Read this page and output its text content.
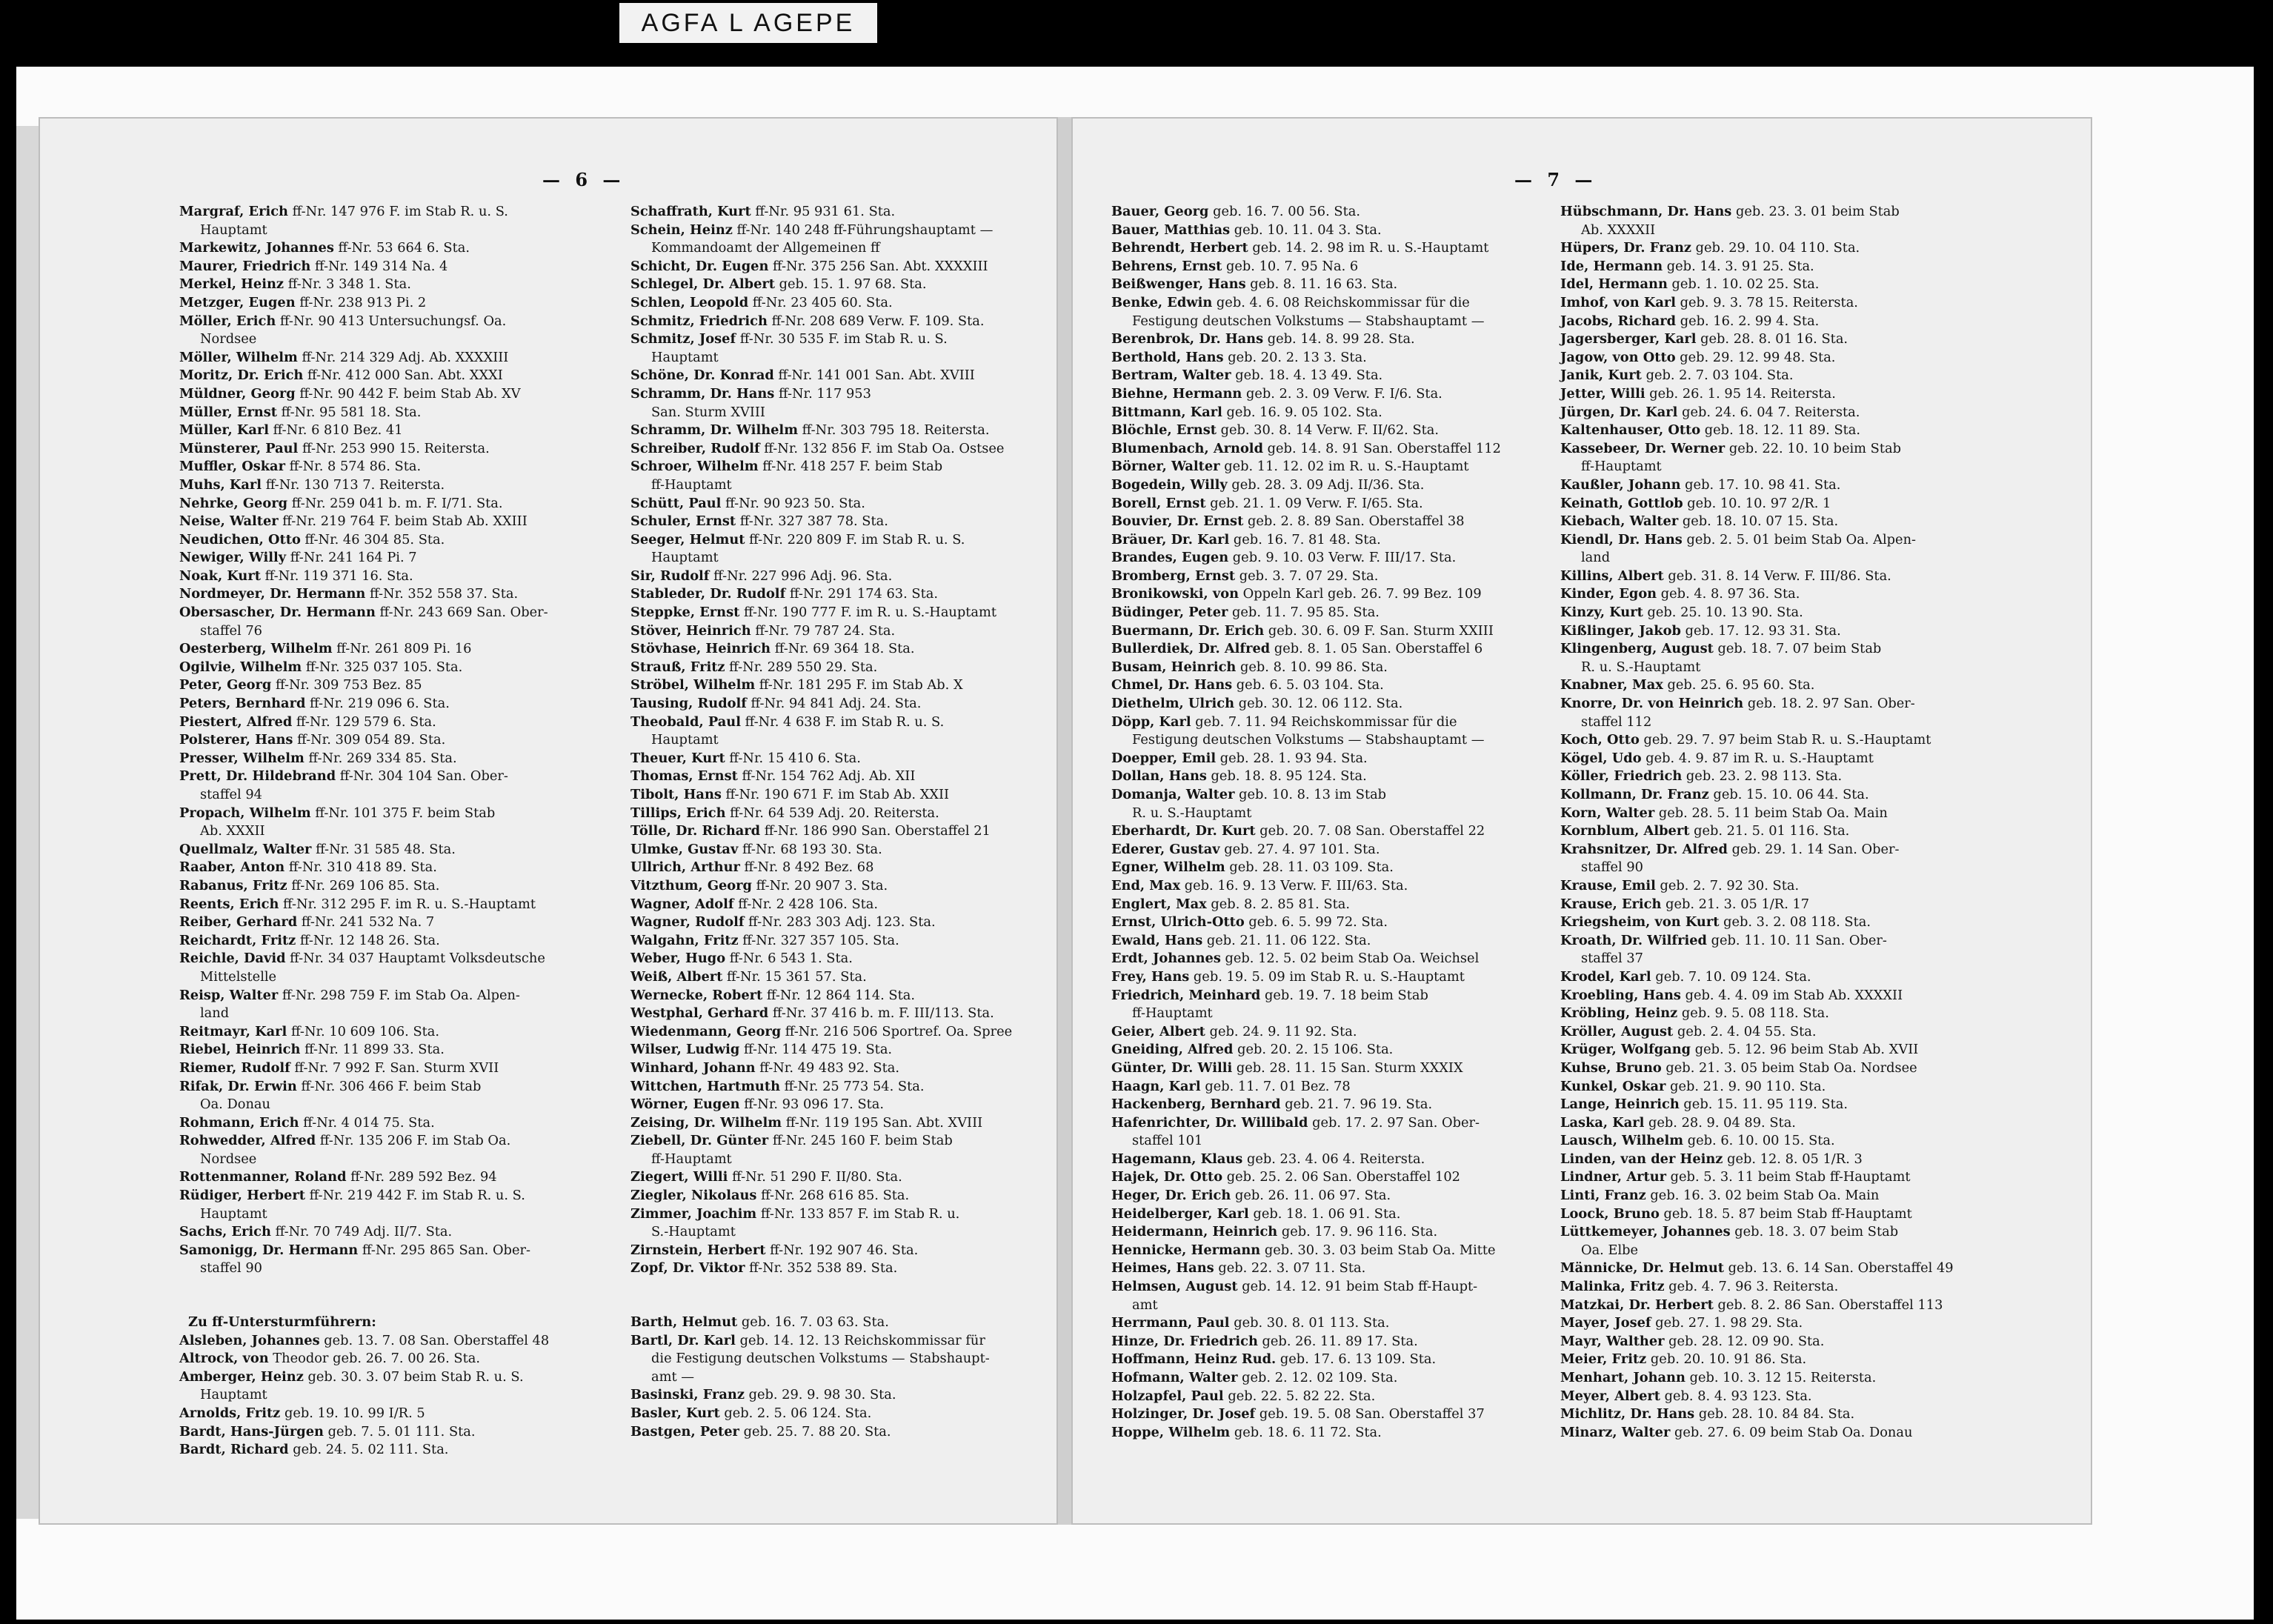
AGFA L AGEPE
— 6 —
Margraf, Erich ff-Nr. 147 976 F. im Stab R. u. S.
Hauptamt
Markewitz, Johannes ff-Nr. 53 664 6. Sta.
Maurer, Friedrich ff-Nr. 149 314 Na. 4
Merkel, Heinz ff-Nr. 3 348 1. Sta.
Metzger, Eugen ff-Nr. 238 913 Pi. 2
Möller, Erich ff-Nr. 90 413 Untersuchungsf. Oa.
Nordsee
Möller, Wilhelm ff-Nr. 214 329 Adj. Ab. XXXXIII
Moritz, Dr. Erich ff-Nr. 412 000 San. Abt. XXXI
Müldner, Georg ff-Nr. 90 442 F. beim Stab Ab. XV
Müller, Ernst ff-Nr. 95 581 18. Sta.
Müller, Karl ff-Nr. 6 810 Bez. 41
Münsterer, Paul ff-Nr. 253 990 15. Reitersta.
Muffler, Oskar ff-Nr. 8 574 86. Sta.
Muhs, Karl ff-Nr. 130 713 7. Reitersta.
Nehrke, Georg ff-Nr. 259 041 b. m. F. I/71. Sta.
Neise, Walter ff-Nr. 219 764 F. beim Stab Ab. XXIII
Neudichen, Otto ff-Nr. 46 304 85. Sta.
Newiger, Willy ff-Nr. 241 164 Pi. 7
Noak, Kurt ff-Nr. 119 371 16. Sta.
Nordmeyer, Dr. Hermann ff-Nr. 352 558 37. Sta.
Obersascher, Dr. Hermann ff-Nr. 243 669 San. Ober-
staffel 76
Oesterberg, Wilhelm ff-Nr. 261 809 Pi. 16
Ogilvie, Wilhelm ff-Nr. 325 037 105. Sta.
Peter, Georg ff-Nr. 309 753 Bez. 85
Peters, Bernhard ff-Nr. 219 096 6. Sta.
Piestert, Alfred ff-Nr. 129 579 6. Sta.
Polsterer, Hans ff-Nr. 309 054 89. Sta.
Presser, Wilhelm ff-Nr. 269 334 85. Sta.
Prett, Dr. Hildebrand ff-Nr. 304 104 San. Ober-
staffel 94
Propach, Wilhelm ff-Nr. 101 375 F. beim Stab
Ab. XXXII
Quellmalz, Walter ff-Nr. 31 585 48. Sta.
Raaber, Anton ff-Nr. 310 418 89. Sta.
Rabanus, Fritz ff-Nr. 269 106 85. Sta.
Reents, Erich ff-Nr. 312 295 F. im R. u. S.-Hauptamt
Reiber, Gerhard ff-Nr. 241 532 Na. 7
Reichardt, Fritz ff-Nr. 12 148 26. Sta.
Reichle, David ff-Nr. 34 037 Hauptamt Volksdeutsche
Mittelstelle
Reisp, Walter ff-Nr. 298 759 F. im Stab Oa. Alpen-
land
Reitmayr, Karl ff-Nr. 10 609 106. Sta.
Riebel, Heinrich ff-Nr. 11 899 33. Sta.
Riemer, Rudolf ff-Nr. 7 992 F. San. Sturm XVII
Rifak, Dr. Erwin ff-Nr. 306 466 F. beim Stab
Oa. Donau
Rohmann, Erich ff-Nr. 4 014 75. Sta.
Rohwedder, Alfred ff-Nr. 135 206 F. im Stab Oa.
Nordsee
Rottenmanner, Roland ff-Nr. 289 592 Bez. 94
Rüdiger, Herbert ff-Nr. 219 442 F. im Stab R. u. S.
Hauptamt
Sachs, Erich ff-Nr. 70 749 Adj. II/7. Sta.
Samonigg, Dr. Hermann ff-Nr. 295 865 San. Ober-
staffel 90
Zu ff-Untersturmführern:
Alsleben, Johannes geb. 13. 7. 08 San. Oberstaffel 48
Altrock, von Theodor geb. 26. 7. 00 26. Sta.
Amberger, Heinz geb. 30. 3. 07 beim Stab R. u. S.
Hauptamt
Arnolds, Fritz geb. 19. 10. 99 I/R. 5
Bardt, Hans-Jürgen geb. 7. 5. 01 111. Sta.
Bardt, Richard geb. 24. 5. 02 111. Sta.
Schaffrath, Kurt ff-Nr. 95 931 61. Sta.
Schein, Heinz ff-Nr. 140 248 ff-Führungshauptamt —
Kommandoamt der Allgemeinen ff
Schicht, Dr. Eugen ff-Nr. 375 256 San. Abt. XXXXIII
Schlegel, Dr. Albert geb. 15. 1. 97 68. Sta.
Schlen, Leopold ff-Nr. 23 405 60. Sta.
Schmitz, Friedrich ff-Nr. 208 689 Verw. F. 109. Sta.
Schmitz, Josef ff-Nr. 30 535 F. im Stab R. u. S.
Hauptamt
Schöne, Dr. Konrad ff-Nr. 141 001 San. Abt. XVIII
Schramm, Dr. Hans ff-Nr. 117 953
San. Sturm XVIII
Schramm, Dr. Wilhelm ff-Nr. 303 795 18. Reitersta.
Schreiber, Rudolf ff-Nr. 132 856 F. im Stab Oa. Ostsee
Schroer, Wilhelm ff-Nr. 418 257 F. beim Stab
ff-Hauptamt
Schütt, Paul ff-Nr. 90 923 50. Sta.
Schuler, Ernst ff-Nr. 327 387 78. Sta.
Seeger, Helmut ff-Nr. 220 809 F. im Stab R. u. S.
Hauptamt
Sir, Rudolf ff-Nr. 227 996 Adj. 96. Sta.
Stableder, Dr. Rudolf ff-Nr. 291 174 63. Sta.
Steppke, Ernst ff-Nr. 190 777 F. im R. u. S.-Hauptamt
Stöver, Heinrich ff-Nr. 79 787 24. Sta.
Stövhase, Heinrich ff-Nr. 69 364 18. Sta.
Strauß, Fritz ff-Nr. 289 550 29. Sta.
Ströbel, Wilhelm ff-Nr. 181 295 F. im Stab Ab. X
Tausing, Rudolf ff-Nr. 94 841 Adj. 24. Sta.
Theobald, Paul ff-Nr. 4 638 F. im Stab R. u. S.
Hauptamt
Theuer, Kurt ff-Nr. 15 410 6. Sta.
Thomas, Ernst ff-Nr. 154 762 Adj. Ab. XII
Tibolt, Hans ff-Nr. 190 671 F. im Stab Ab. XXII
Tillips, Erich ff-Nr. 64 539 Adj. 20. Reitersta.
Tölle, Dr. Richard ff-Nr. 186 990 San. Oberstaffel 21
Ulmke, Gustav ff-Nr. 68 193 30. Sta.
Ullrich, Arthur ff-Nr. 8 492 Bez. 68
Vitzthum, Georg ff-Nr. 20 907 3. Sta.
Wagner, Adolf ff-Nr. 2 428 106. Sta.
Wagner, Rudolf ff-Nr. 283 303 Adj. 123. Sta.
Walgahn, Fritz ff-Nr. 327 357 105. Sta.
Weber, Hugo ff-Nr. 6 543 1. Sta.
Weiß, Albert ff-Nr. 15 361 57. Sta.
Wernecke, Robert ff-Nr. 12 864 114. Sta.
Westphal, Gerhard ff-Nr. 37 416 b. m. F. III/113. Sta.
Wiedenmann, Georg ff-Nr. 216 506 Sportref. Oa. Spree
Wilser, Ludwig ff-Nr. 114 475 19. Sta.
Winhard, Johann ff-Nr. 49 483 92. Sta.
Wittchen, Hartmuth ff-Nr. 25 773 54. Sta.
Wörner, Eugen ff-Nr. 93 096 17. Sta.
Zeising, Dr. Wilhelm ff-Nr. 119 195 San. Abt. XVIII
Ziebell, Dr. Günter ff-Nr. 245 160 F. beim Stab
ff-Hauptamt
Ziegert, Willi ff-Nr. 51 290 F. II/80. Sta.
Ziegler, Nikolaus ff-Nr. 268 616 85. Sta.
Zimmer, Joachim ff-Nr. 133 857 F. im Stab R. u.
S.-Hauptamt
Zirnstein, Herbert ff-Nr. 192 907 46. Sta.
Zopf, Dr. Viktor ff-Nr. 352 538 89. Sta.
Barth, Helmut geb. 16. 7. 03 63. Sta.
Bartl, Dr. Karl geb. 14. 12. 13 Reichskommissar für
die Festigung deutschen Volkstums — Stabshaupt-
amt —
Basinski, Franz geb. 29. 9. 98 30. Sta.
Basler, Kurt geb. 2. 5. 06 124. Sta.
Bastgen, Peter geb. 25. 7. 88 20. Sta.
— 7 —
Bauer, Georg geb. 16. 7. 00 56. Sta.
Bauer, Matthias geb. 10. 11. 04 3. Sta.
Behrendt, Herbert geb. 14. 2. 98 im R. u. S.-Hauptamt
Behrens, Ernst geb. 10. 7. 95 Na. 6
Beißwenger, Hans geb. 8. 11. 16 63. Sta.
Benke, Edwin geb. 4. 6. 08 Reichskommissar für die
Festigung deutschen Volkstums — Stabshauptamt —
Berenbrok, Dr. Hans geb. 14. 8. 99 28. Sta.
Berthold, Hans geb. 20. 2. 13 3. Sta.
Bertram, Walter geb. 18. 4. 13 49. Sta.
Biehne, Hermann geb. 2. 3. 09 Verw. F. I/6. Sta.
Bittmann, Karl geb. 16. 9. 05 102. Sta.
Blöchle, Ernst geb. 30. 8. 14 Verw. F. II/62. Sta.
Blumenbach, Arnold geb. 14. 8. 91 San. Oberstaffel 112
Börner, Walter geb. 11. 12. 02 im R. u. S.-Hauptamt
Bogedein, Willy geb. 28. 3. 09 Adj. II/36. Sta.
Borell, Ernst geb. 21. 1. 09 Verw. F. I/65. Sta.
Bouvier, Dr. Ernst geb. 2. 8. 89 San. Oberstaffel 38
Bräuer, Dr. Karl geb. 16. 7. 81 48. Sta.
Brandes, Eugen geb. 9. 10. 03 Verw. F. III/17. Sta.
Bromberg, Ernst geb. 3. 7. 07 29. Sta.
Bronikowski, von Oppeln Karl geb. 26. 7. 99 Bez. 109
Büdinger, Peter geb. 11. 7. 95 85. Sta.
Buermann, Dr. Erich geb. 30. 6. 09 F. San. Sturm XXIII
Bullerdiek, Dr. Alfred geb. 8. 1. 05 San. Oberstaffel 6
Busam, Heinrich geb. 8. 10. 99 86. Sta.
Chmel, Dr. Hans geb. 6. 5. 03 104. Sta.
Diethelm, Ulrich geb. 30. 12. 06 112. Sta.
Döpp, Karl geb. 7. 11. 94 Reichskommissar für die
Festigung deutschen Volkstums — Stabshauptamt —
Doepper, Emil geb. 28. 1. 93 94. Sta.
Dollan, Hans geb. 18. 8. 95 124. Sta.
Domanja, Walter geb. 10. 8. 13 im Stab
R. u. S.-Hauptamt
Eberhardt, Dr. Kurt geb. 20. 7. 08 San. Oberstaffel 22
Ederer, Gustav geb. 27. 4. 97 101. Sta.
Egner, Wilhelm geb. 28. 11. 03 109. Sta.
End, Max geb. 16. 9. 13 Verw. F. III/63. Sta.
Englert, Max geb. 8. 2. 85 81. Sta.
Ernst, Ulrich-Otto geb. 6. 5. 99 72. Sta.
Ewald, Hans geb. 21. 11. 06 122. Sta.
Erdt, Johannes geb. 12. 5. 02 beim Stab Oa. Weichsel
Frey, Hans geb. 19. 5. 09 im Stab R. u. S.-Hauptamt
Friedrich, Meinhard geb. 19. 7. 18 beim Stab
ff-Hauptamt
Geier, Albert geb. 24. 9. 11 92. Sta.
Gneiding, Alfred geb. 20. 2. 15 106. Sta.
Günter, Dr. Willi geb. 28. 11. 15 San. Sturm XXXIX
Haagn, Karl geb. 11. 7. 01 Bez. 78
Hackenberg, Bernhard geb. 21. 7. 96 19. Sta.
Hafenrichter, Dr. Willibald geb. 17. 2. 97 San. Ober-
staffel 101
Hagemann, Klaus geb. 23. 4. 06 4. Reitersta.
Hajek, Dr. Otto geb. 25. 2. 06 San. Oberstaffel 102
Heger, Dr. Erich geb. 26. 11. 06 97. Sta.
Heidelberger, Karl geb. 18. 1. 06 91. Sta.
Heidermann, Heinrich geb. 17. 9. 96 116. Sta.
Hennicke, Hermann geb. 30. 3. 03 beim Stab Oa. Mitte
Heimes, Hans geb. 22. 3. 07 11. Sta.
Helmsen, August geb. 14. 12. 91 beim Stab ff-Haupt-
amt
Herrmann, Paul geb. 30. 8. 01 113. Sta.
Hinze, Dr. Friedrich geb. 26. 11. 89 17. Sta.
Hoffmann, Heinz Rud. geb. 17. 6. 13 109. Sta.
Hofmann, Walter geb. 2. 12. 02 109. Sta.
Holzapfel, Paul geb. 22. 5. 82 22. Sta.
Holzinger, Dr. Josef geb. 19. 5. 08 San. Oberstaffel 37
Hoppe, Wilhelm geb. 18. 6. 11 72. Sta.
Hübschmann, Dr. Hans geb. 23. 3. 01 beim Stab
Ab. XXXXII
Hüpers, Dr. Franz geb. 29. 10. 04 110. Sta.
Ide, Hermann geb. 14. 3. 91 25. Sta.
Idel, Hermann geb. 1. 10. 02 25. Sta.
Imhof, von Karl geb. 9. 3. 78 15. Reitersta.
Jacobs, Richard geb. 16. 2. 99 4. Sta.
Jagersberger, Karl geb. 28. 8. 01 16. Sta.
Jagow, von Otto geb. 29. 12. 99 48. Sta.
Janik, Kurt geb. 2. 7. 03 104. Sta.
Jetter, Willi geb. 26. 1. 95 14. Reitersta.
Jürgen, Dr. Karl geb. 24. 6. 04 7. Reitersta.
Kaltenhauser, Otto geb. 18. 12. 11 89. Sta.
Kassebeer, Dr. Werner geb. 22. 10. 10 beim Stab
ff-Hauptamt
Kaußler, Johann geb. 17. 10. 98 41. Sta.
Keinath, Gottlob geb. 10. 10. 97 2/R. 1
Kiebach, Walter geb. 18. 10. 07 15. Sta.
Kiendl, Dr. Hans geb. 2. 5. 01 beim Stab Oa. Alpen-
land
Killins, Albert geb. 31. 8. 14 Verw. F. III/86. Sta.
Kinder, Egon geb. 4. 8. 97 36. Sta.
Kinzy, Kurt geb. 25. 10. 13 90. Sta.
Kißlinger, Jakob geb. 17. 12. 93 31. Sta.
Klingenberg, August geb. 18. 7. 07 beim Stab
R. u. S.-Hauptamt
Knabner, Max geb. 25. 6. 95 60. Sta.
Knorre, Dr. von Heinrich geb. 18. 2. 97 San. Ober-
staffel 112
Koch, Otto geb. 29. 7. 97 beim Stab R. u. S.-Hauptamt
Kögel, Udo geb. 4. 9. 87 im R. u. S.-Hauptamt
Köller, Friedrich geb. 23. 2. 98 113. Sta.
Kollmann, Dr. Franz geb. 15. 10. 06 44. Sta.
Korn, Walter geb. 28. 5. 11 beim Stab Oa. Main
Kornblum, Albert geb. 21. 5. 01 116. Sta.
Krahsnitzer, Dr. Alfred geb. 29. 1. 14 San. Ober-
staffel 90
Krause, Emil geb. 2. 7. 92 30. Sta.
Krause, Erich geb. 21. 3. 05 1/R. 17
Kriegsheim, von Kurt geb. 3. 2. 08 118. Sta.
Kroath, Dr. Wilfried geb. 11. 10. 11 San. Ober-
staffel 37
Krodel, Karl geb. 7. 10. 09 124. Sta.
Kroebling, Hans geb. 4. 4. 09 im Stab Ab. XXXXII
Kröbling, Heinz geb. 9. 5. 08 118. Sta.
Kröller, August geb. 2. 4. 04 55. Sta.
Krüger, Wolfgang geb. 5. 12. 96 beim Stab Ab. XVII
Kuhse, Bruno geb. 21. 3. 05 beim Stab Oa. Nordsee
Kunkel, Oskar geb. 21. 9. 90 110. Sta.
Lange, Heinrich geb. 15. 11. 95 119. Sta.
Laska, Karl geb. 28. 9. 04 89. Sta.
Lausch, Wilhelm geb. 6. 10. 00 15. Sta.
Linden, van der Heinz geb. 12. 8. 05 1/R. 3
Lindner, Artur geb. 5. 3. 11 beim Stab ff-Hauptamt
Linti, Franz geb. 16. 3. 02 beim Stab Oa. Main
Loock, Bruno geb. 18. 5. 87 beim Stab ff-Hauptamt
Lüttkemeyer, Johannes geb. 18. 3. 07 beim Stab
Oa. Elbe
Männicke, Dr. Helmut geb. 13. 6. 14 San. Oberstaffel 49
Malinka, Fritz geb. 4. 7. 96 3. Reitersta.
Matzkai, Dr. Herbert geb. 8. 2. 86 San. Oberstaffel 113
Mayer, Josef geb. 27. 1. 98 29. Sta.
Mayr, Walther geb. 28. 12. 09 90. Sta.
Meier, Fritz geb. 20. 10. 91 86. Sta.
Menhart, Johann geb. 10. 3. 12 15. Reitersta.
Meyer, Albert geb. 8. 4. 93 123. Sta.
Michlitz, Dr. Hans geb. 28. 10. 84 84. Sta.
Minarz, Walter geb. 27. 6. 09 beim Stab Oa. Donau
